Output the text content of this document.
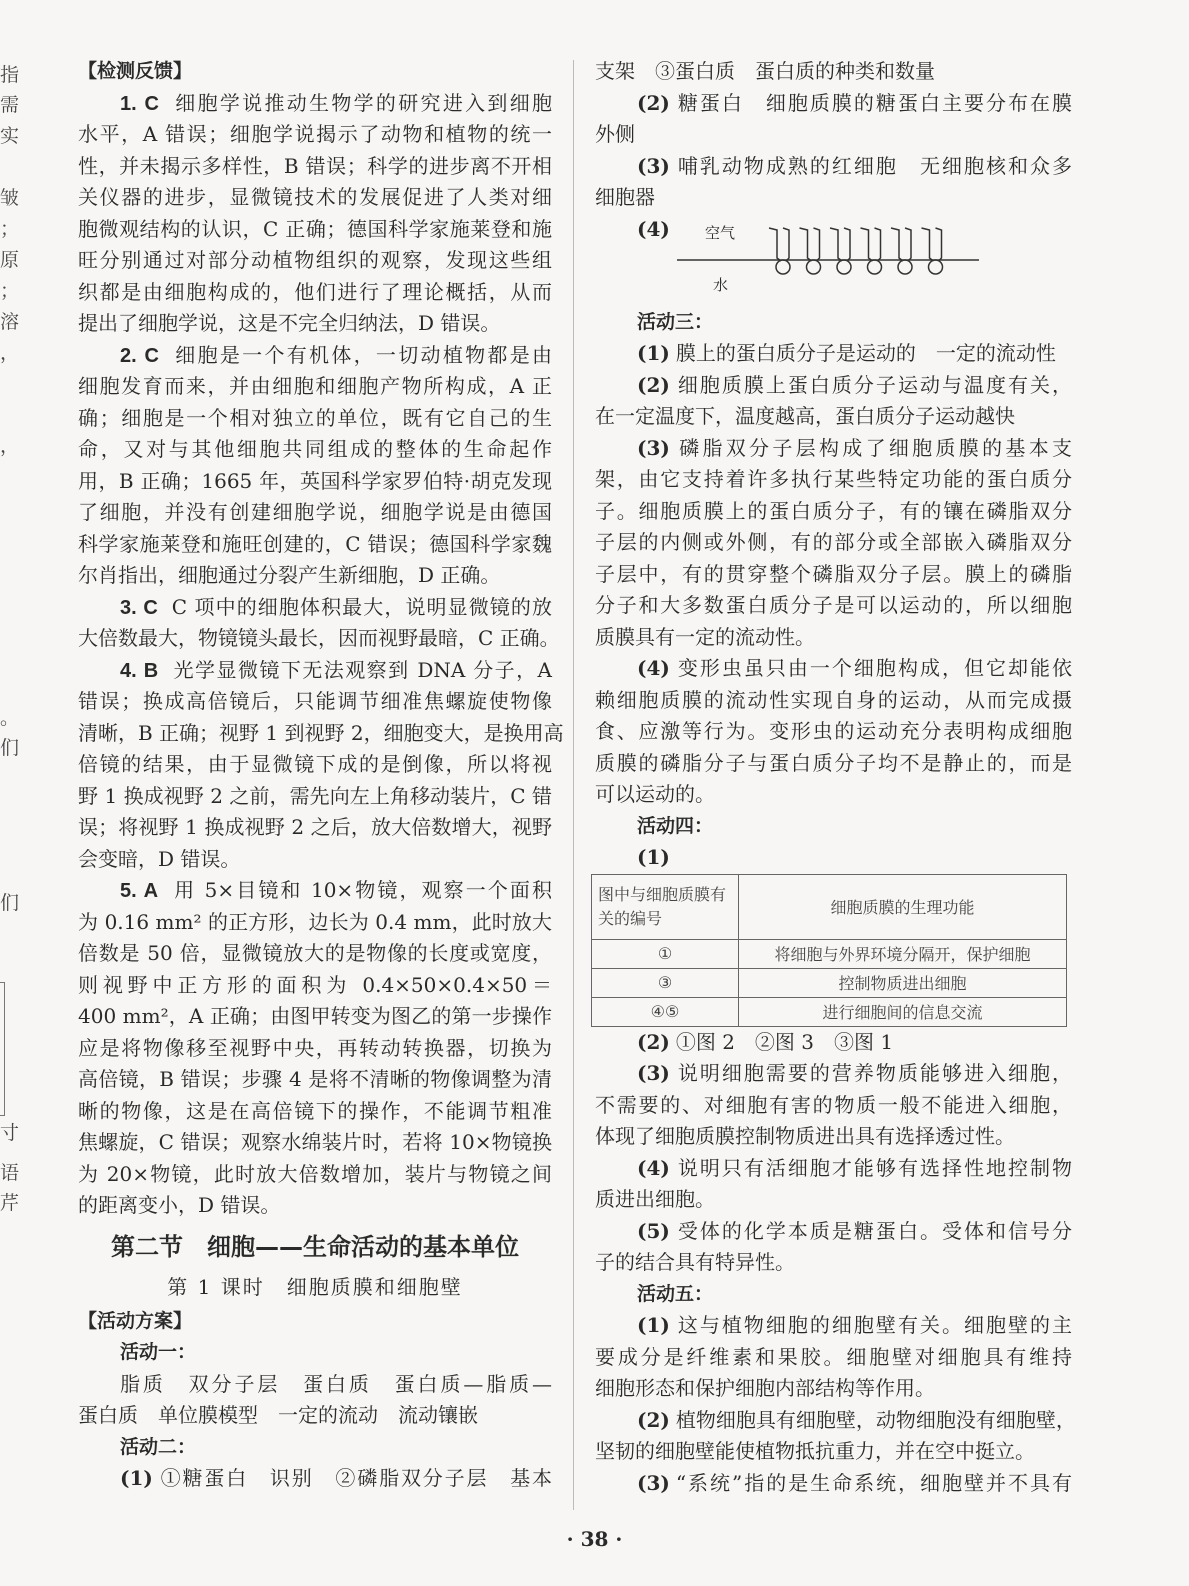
指
需
实
皱
；
原
；
溶
，
，
。
们
们
寸
语
芹
【检测反馈】
1. C 细胞学说推动生物学的研究进入到细胞
水平，A 错误；细胞学说揭示了动物和植物的统一
性，并未揭示多样性，B 错误；科学的进步离不开相
关仪器的进步，显微镜技术的发展促进了人类对细
胞微观结构的认识，C 正确；德国科学家施莱登和施
旺分别通过对部分动植物组织的观察，发现这些组
织都是由细胞构成的，他们进行了理论概括，从而
提出了细胞学说，这是不完全归纳法，D 错误。
2. C 细胞是一个有机体，一切动植物都是由
细胞发育而来，并由细胞和细胞产物所构成，A 正
确；细胞是一个相对独立的单位，既有它自己的生
命，又对与其他细胞共同组成的整体的生命起作
用，B 正确；1665 年，英国科学家罗伯特·胡克发现
了细胞，并没有创建细胞学说，细胞学说是由德国
科学家施莱登和施旺创建的，C 错误；德国科学家魏
尔肖指出，细胞通过分裂产生新细胞，D 正确。
3. C C 项中的细胞体积最大，说明显微镜的放
大倍数最大，物镜镜头最长，因而视野最暗，C 正确。
4. B 光学显微镜下无法观察到 DNA 分子，A
错误；换成高倍镜后，只能调节细准焦螺旋使物像
清晰，B 正确；视野 1 到视野 2，细胞变大，是换用高
倍镜的结果，由于显微镜下成的是倒像，所以将视
野 1 换成视野 2 之前，需先向左上角移动装片，C 错
误；将视野 1 换成视野 2 之后，放大倍数增大，视野
会变暗，D 错误。
5. A 用 5×目镜和 10×物镜，观察一个面积
为 0.16 mm² 的正方形，边长为 0.4 mm，此时放大
倍数是 50 倍，显微镜放大的是物像的长度或宽度，
则视野中正方形的面积为 0.4×50×0.4×50＝
400 mm²，A 正确；由图甲转变为图乙的第一步操作
应是将物像移至视野中央，再转动转换器，切换为
高倍镜，B 错误；步骤 4 是将不清晰的物像调整为清
晰的物像，这是在高倍镜下的操作，不能调节粗准
焦螺旋，C 错误；观察水绵装片时，若将 10×物镜换
为 20×物镜，此时放大倍数增加，装片与物镜之间
的距离变小，D 错误。
第二节　细胞——生命活动的基本单位
第 1 课时　细胞质膜和细胞壁
【活动方案】
活动一：
脂质　双分子层　蛋白质　蛋白质—脂质—
蛋白质　单位膜模型　一定的流动　流动镶嵌
活动二：
(1) ①糖蛋白　识别　②磷脂双分子层　基本
支架　③蛋白质　蛋白质的种类和数量
(2) 糖蛋白　细胞质膜的糖蛋白主要分布在膜
外侧
(3) 哺乳动物成熟的红细胞　无细胞核和众多
细胞器
(4) 空气
水
活动三：
(1) 膜上的蛋白质分子是运动的　一定的流动性
(2) 细胞质膜上蛋白质分子运动与温度有关，
在一定温度下，温度越高，蛋白质分子运动越快
(3) 磷脂双分子层构成了细胞质膜的基本支
架，由它支持着许多执行某些特定功能的蛋白质分
子。细胞质膜上的蛋白质分子，有的镶在磷脂双分
子层的内侧或外侧，有的部分或全部嵌入磷脂双分
子层中，有的贯穿整个磷脂双分子层。膜上的磷脂
分子和大多数蛋白质分子是可以运动的，所以细胞
质膜具有一定的流动性。
(4) 变形虫虽只由一个细胞构成，但它却能依
赖细胞质膜的流动性实现自身的运动，从而完成摄
食、应激等行为。变形虫的运动充分表明构成细胞
质膜的磷脂分子与蛋白质分子均不是静止的，而是
可以运动的。
活动四：
(1)
图中与细胞质膜有关的编号	细胞质膜的生理功能
①	将细胞与外界环境分隔开，保护细胞
③	控制物质进出细胞
④⑤	进行细胞间的信息交流
(2) ①图 2　②图 3　③图 1
(3) 说明细胞需要的营养物质能够进入细胞，
不需要的、对细胞有害的物质一般不能进入细胞，
体现了细胞质膜控制物质进出具有选择透过性。
(4) 说明只有活细胞才能够有选择性地控制物
质进出细胞。
(5) 受体的化学本质是糖蛋白。受体和信号分
子的结合具有特异性。
活动五：
(1) 这与植物细胞的细胞壁有关。细胞壁的主
要成分是纤维素和果胶。细胞壁对细胞具有维持
细胞形态和保护细胞内部结构等作用。
(2) 植物细胞具有细胞壁，动物细胞没有细胞壁，
坚韧的细胞壁能使植物抵抗重力，并在空中挺立。
(3) “系统”指的是生命系统，细胞壁并不具有
· 38 ·
